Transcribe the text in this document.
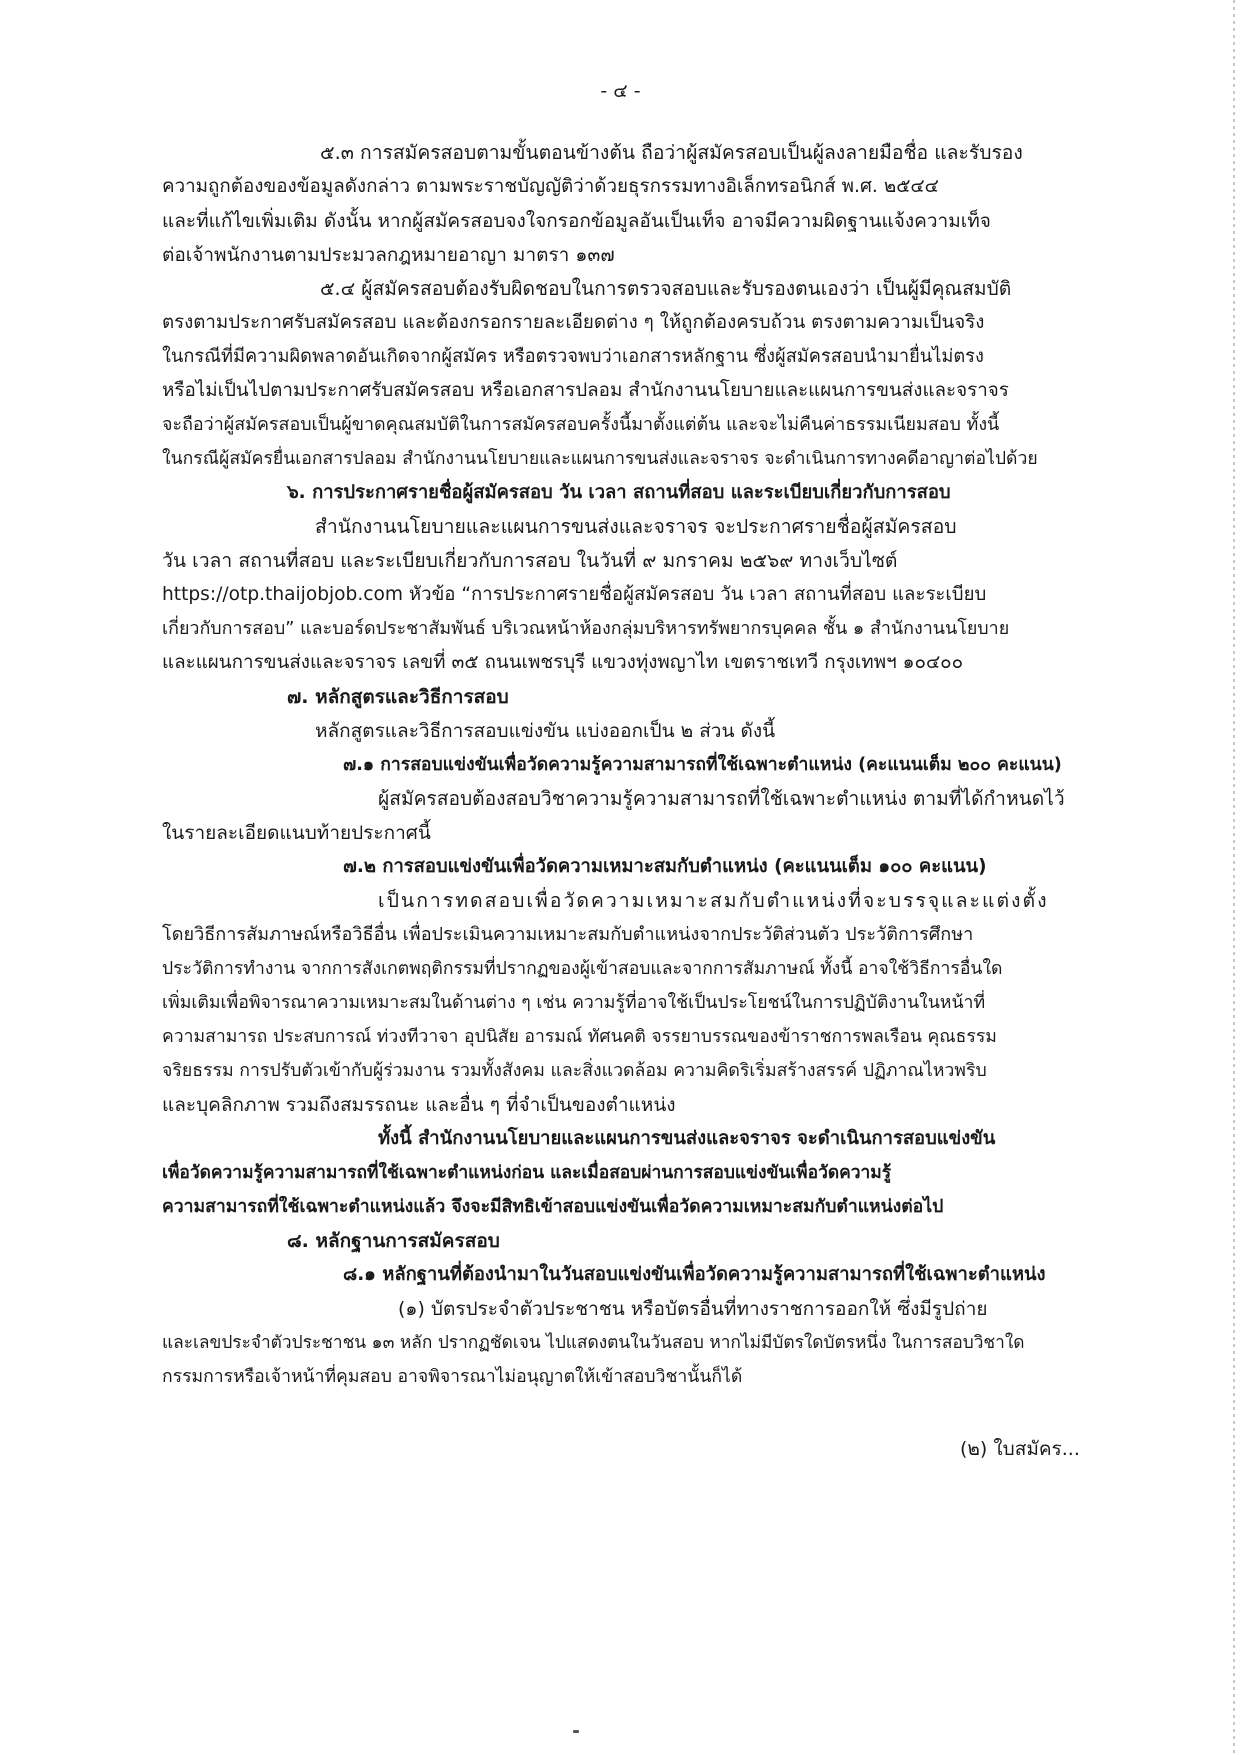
- ๔ -

๕.๓ การสมัครสอบตามขั้นตอนข้างต้น ถือว่าผู้สมัครสอบเป็นผู้ลงลายมือชื่อ และรับรอง

ความถูกต้องของข้อมูลดังกล่าว ตามพระราชบัญญัติว่าด้วยธุรกรรมทางอิเล็กทรอนิกส์ พ.ศ. ๒๕๔๔

และที่แก้ไขเพิ่มเติม ดังนั้น หากผู้สมัครสอบจงใจกรอกข้อมูลอันเป็นเท็จ อาจมีความผิดฐานแจ้งความเท็จ

ต่อเจ้าพนักงานตามประมวลกฎหมายอาญา มาตรา ๑๓๗

๕.๔ ผู้สมัครสอบต้องรับผิดชอบในการตรวจสอบและรับรองตนเองว่า เป็นผู้มีคุณสมบัติ

ตรงตามประกาศรับสมัครสอบ และต้องกรอกรายละเอียดต่าง ๆ ให้ถูกต้องครบถ้วน ตรงตามความเป็นจริง

ในกรณีที่มีความผิดพลาดอันเกิดจากผู้สมัคร หรือตรวจพบว่าเอกสารหลักฐาน ซึ่งผู้สมัครสอบนำมายื่นไม่ตรง

หรือไม่เป็นไปตามประกาศรับสมัครสอบ หรือเอกสารปลอม สำนักงานนโยบายและแผนการขนส่งและจราจร

จะถือว่าผู้สมัครสอบเป็นผู้ขาดคุณสมบัติในการสมัครสอบครั้งนี้มาตั้งแต่ต้น และจะไม่คืนค่าธรรมเนียมสอบ ทั้งนี้

ในกรณีผู้สมัครยื่นเอกสารปลอม สำนักงานนโยบายและแผนการขนส่งและจราจร จะดำเนินการทางคดีอาญาต่อไปด้วย

๖. การประกาศรายชื่อผู้สมัครสอบ วัน เวลา สถานที่สอบ และระเบียบเกี่ยวกับการสอบ

สำนักงานนโยบายและแผนการขนส่งและจราจร จะประกาศรายชื่อผู้สมัครสอบ

วัน เวลา สถานที่สอบ และระเบียบเกี่ยวกับการสอบ ในวันที่ ๙ มกราคม ๒๕๖๙ ทางเว็บไซต์

https://otp.thaijobjob.com หัวข้อ “การประกาศรายชื่อผู้สมัครสอบ วัน เวลา สถานที่สอบ และระเบียบ

เกี่ยวกับการสอบ” และบอร์ดประชาสัมพันธ์ บริเวณหน้าห้องกลุ่มบริหารทรัพยากรบุคคล ชั้น ๑ สำนักงานนโยบาย

และแผนการขนส่งและจราจร เลขที่ ๓๕ ถนนเพชรบุรี แขวงทุ่งพญาไท เขตราชเทวี กรุงเทพฯ ๑๐๔๐๐

๗. หลักสูตรและวิธีการสอบ

หลักสูตรและวิธีการสอบแข่งขัน แบ่งออกเป็น ๒ ส่วน ดังนี้

๗.๑ การสอบแข่งขันเพื่อวัดความรู้ความสามารถที่ใช้เฉพาะตำแหน่ง (คะแนนเต็ม ๒๐๐ คะแนน)

ผู้สมัครสอบต้องสอบวิชาความรู้ความสามารถที่ใช้เฉพาะตำแหน่ง ตามที่ได้กำหนดไว้

ในรายละเอียดแนบท้ายประกาศนี้

๗.๒ การสอบแข่งขันเพื่อวัดความเหมาะสมกับตำแหน่ง (คะแนนเต็ม ๑๐๐ คะแนน)

เป็นการทดสอบเพื่อวัดความเหมาะสมกับตำแหน่งที่จะบรรจุและแต่งตั้ง

โดยวิธีการสัมภาษณ์หรือวิธีอื่น เพื่อประเมินความเหมาะสมกับตำแหน่งจากประวัติส่วนตัว ประวัติการศึกษา

ประวัติการทำงาน จากการสังเกตพฤติกรรมที่ปรากฏของผู้เข้าสอบและจากการสัมภาษณ์ ทั้งนี้ อาจใช้วิธีการอื่นใด

เพิ่มเติมเพื่อพิจารณาความเหมาะสมในด้านต่าง ๆ เช่น ความรู้ที่อาจใช้เป็นประโยชน์ในการปฏิบัติงานในหน้าที่

ความสามารถ ประสบการณ์ ท่วงทีวาจา อุปนิสัย อารมณ์ ทัศนคติ จรรยาบรรณของข้าราชการพลเรือน คุณธรรม

จริยธรรม การปรับตัวเข้ากับผู้ร่วมงาน รวมทั้งสังคม และสิ่งแวดล้อม ความคิดริเริ่มสร้างสรรค์ ปฏิภาณไหวพริบ

และบุคลิกภาพ รวมถึงสมรรถนะ และอื่น ๆ ที่จำเป็นของตำแหน่ง

ทั้งนี้ สำนักงานนโยบายและแผนการขนส่งและจราจร จะดำเนินการสอบแข่งขัน

เพื่อวัดความรู้ความสามารถที่ใช้เฉพาะตำแหน่งก่อน และเมื่อสอบผ่านการสอบแข่งขันเพื่อวัดความรู้

ความสามารถที่ใช้เฉพาะตำแหน่งแล้ว จึงจะมีสิทธิเข้าสอบแข่งขันเพื่อวัดความเหมาะสมกับตำแหน่งต่อไป

๘. หลักฐานการสมัครสอบ

๘.๑ หลักฐานที่ต้องนำมาในวันสอบแข่งขันเพื่อวัดความรู้ความสามารถที่ใช้เฉพาะตำแหน่ง

(๑) บัตรประจำตัวประชาชน หรือบัตรอื่นที่ทางราชการออกให้ ซึ่งมีรูปถ่าย

และเลขประจำตัวประชาชน ๑๓ หลัก ปรากฏชัดเจน ไปแสดงตนในวันสอบ หากไม่มีบัตรใดบัตรหนึ่ง ในการสอบวิชาใด

กรรมการหรือเจ้าหน้าที่คุมสอบ อาจพิจารณาไม่อนุญาตให้เข้าสอบวิชานั้นก็ได้

(๒) ใบสมัคร...
